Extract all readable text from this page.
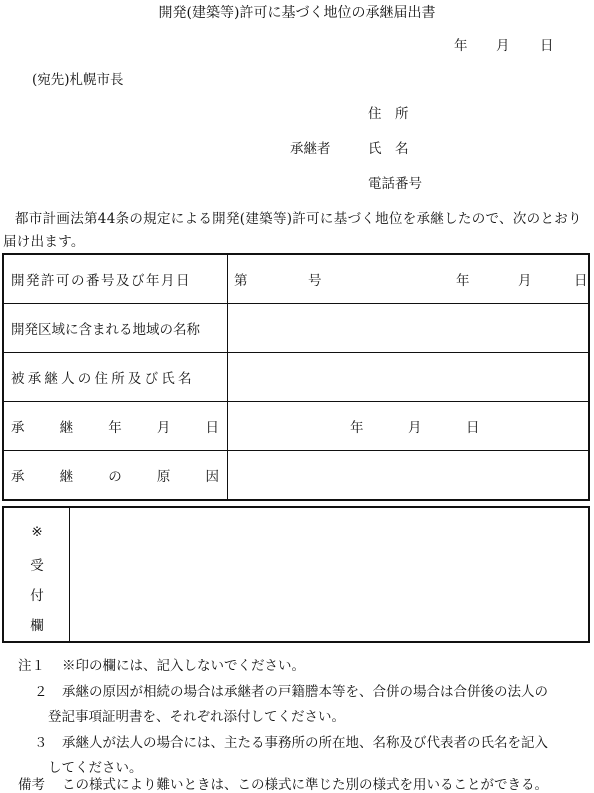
開発(建築等)許可に基づく地位の承継届出書
年 月 日
(宛先)札幌市長
住　所
承継者	氏　名
電話番号
都市計画法第44条の規定による開発(建築等)許可に基づく地位を承継したので、次のとおり届け出ます。
開発許可の番号及び年月日	第 号 年 月 日

開発区域に含まれる地域の名称	
被承継人の住所及び氏名	

承 継 年 月 日	年 月 日

承 継 の 原 因	

※
受
付
欄
注１ ※印の欄には、記入しないでください。
２ 承継の原因が相続の場合は承継者の戸籍謄本等を、合併の場合は合併後の法人の
登記事項証明書を、それぞれ添付してください。
３ 承継人が法人の場合には、主たる事務所の所在地、名称及び代表者の氏名を記入
してください。
備考 この様式により難いときは、この様式に準じた別の様式を用いることができる。
